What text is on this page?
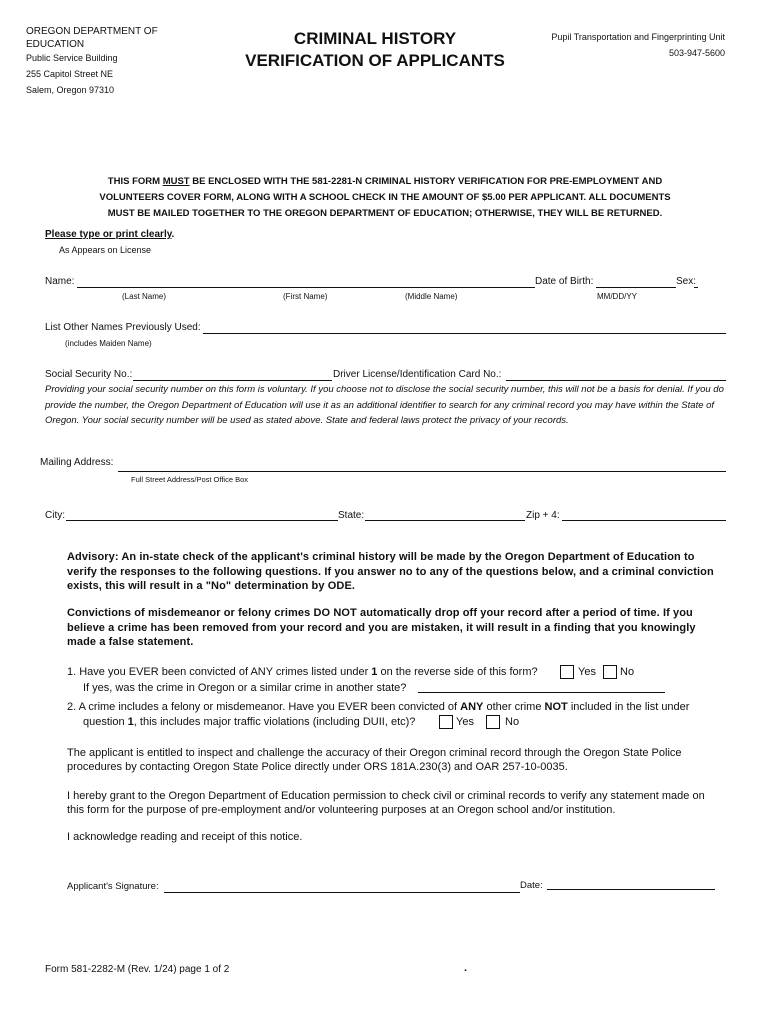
OREGON DEPARTMENT OF
EDUCATION
Public Service Building
255 Capitol Street NE
Salem, Oregon 97310
CRIMINAL HISTORY
VERIFICATION OF APPLICANTS
Pupil Transportation and Fingerprinting Unit
503-947-5600
THIS FORM MUST BE ENCLOSED WITH THE 581-2281-N CRIMINAL HISTORY VERIFICATION FOR PRE-EMPLOYMENT AND
VOLUNTEERS COVER FORM, ALONG WITH A SCHOOL CHECK IN THE AMOUNT OF $5.00 PER APPLICANT. ALL DOCUMENTS
MUST BE MAILED TOGETHER TO THE OREGON DEPARTMENT OF EDUCATION; OTHERWISE, THEY WILL BE RETURNED.
Please type or print clearly.
As Appears on License
Name:	Date of Birth:	Sex:
(Last Name)	(First Name)	(Middle Name)	MM/DD/YY
List Other Names Previously Used:
(includes Maiden Name)
Social Security No.:	Driver License/Identification Card No.:
Providing your social security number on this form is voluntary. If you choose not to disclose the social security number, this will not be a basis for denial. If you do provide the number, the Oregon Department of Education will use it as an additional identifier to search for any criminal record you may have within the State of Oregon. Your social security number will be used as stated above. State and federal laws protect the privacy of your records.
Mailing Address:
Full Street Address/Post Office Box
City:	State:	Zip + 4:
Advisory: An in-state check of the applicant's criminal history will be made by the Oregon Department of Education to verify the responses to the following questions. If you answer no to any of the questions below, and a criminal conviction exists, this will result in a "No" determination by ODE.
Convictions of misdemeanor or felony crimes DO NOT automatically drop off your record after a period of time. If you believe a crime has been removed from your record and you are mistaken, it will result in a finding that you knowingly made a false statement.
1. Have you EVER been convicted of ANY crimes listed under 1 on the reverse side of this form?	Yes No
If yes, was the crime in Oregon or a similar crime in another state?
2. A crime includes a felony or misdemeanor. Have you EVER been convicted of ANY other crime NOT included in the list under
question 1, this includes major traffic violations (including DUII, etc)?	Yes	No
The applicant is entitled to inspect and challenge the accuracy of their Oregon criminal record through the Oregon State Police procedures by contacting Oregon State Police directly under ORS 181A.230(3) and OAR 257-10-0035.
I hereby grant to the Oregon Department of Education permission to check civil or criminal records to verify any statement made on this form for the purpose of pre-employment and/or volunteering purposes at an Oregon school and/or institution.
I acknowledge reading and receipt of this notice.
Applicant's Signature:	Date:
Form 581-2282-M (Rev. 1/24) page 1 of 2	.
